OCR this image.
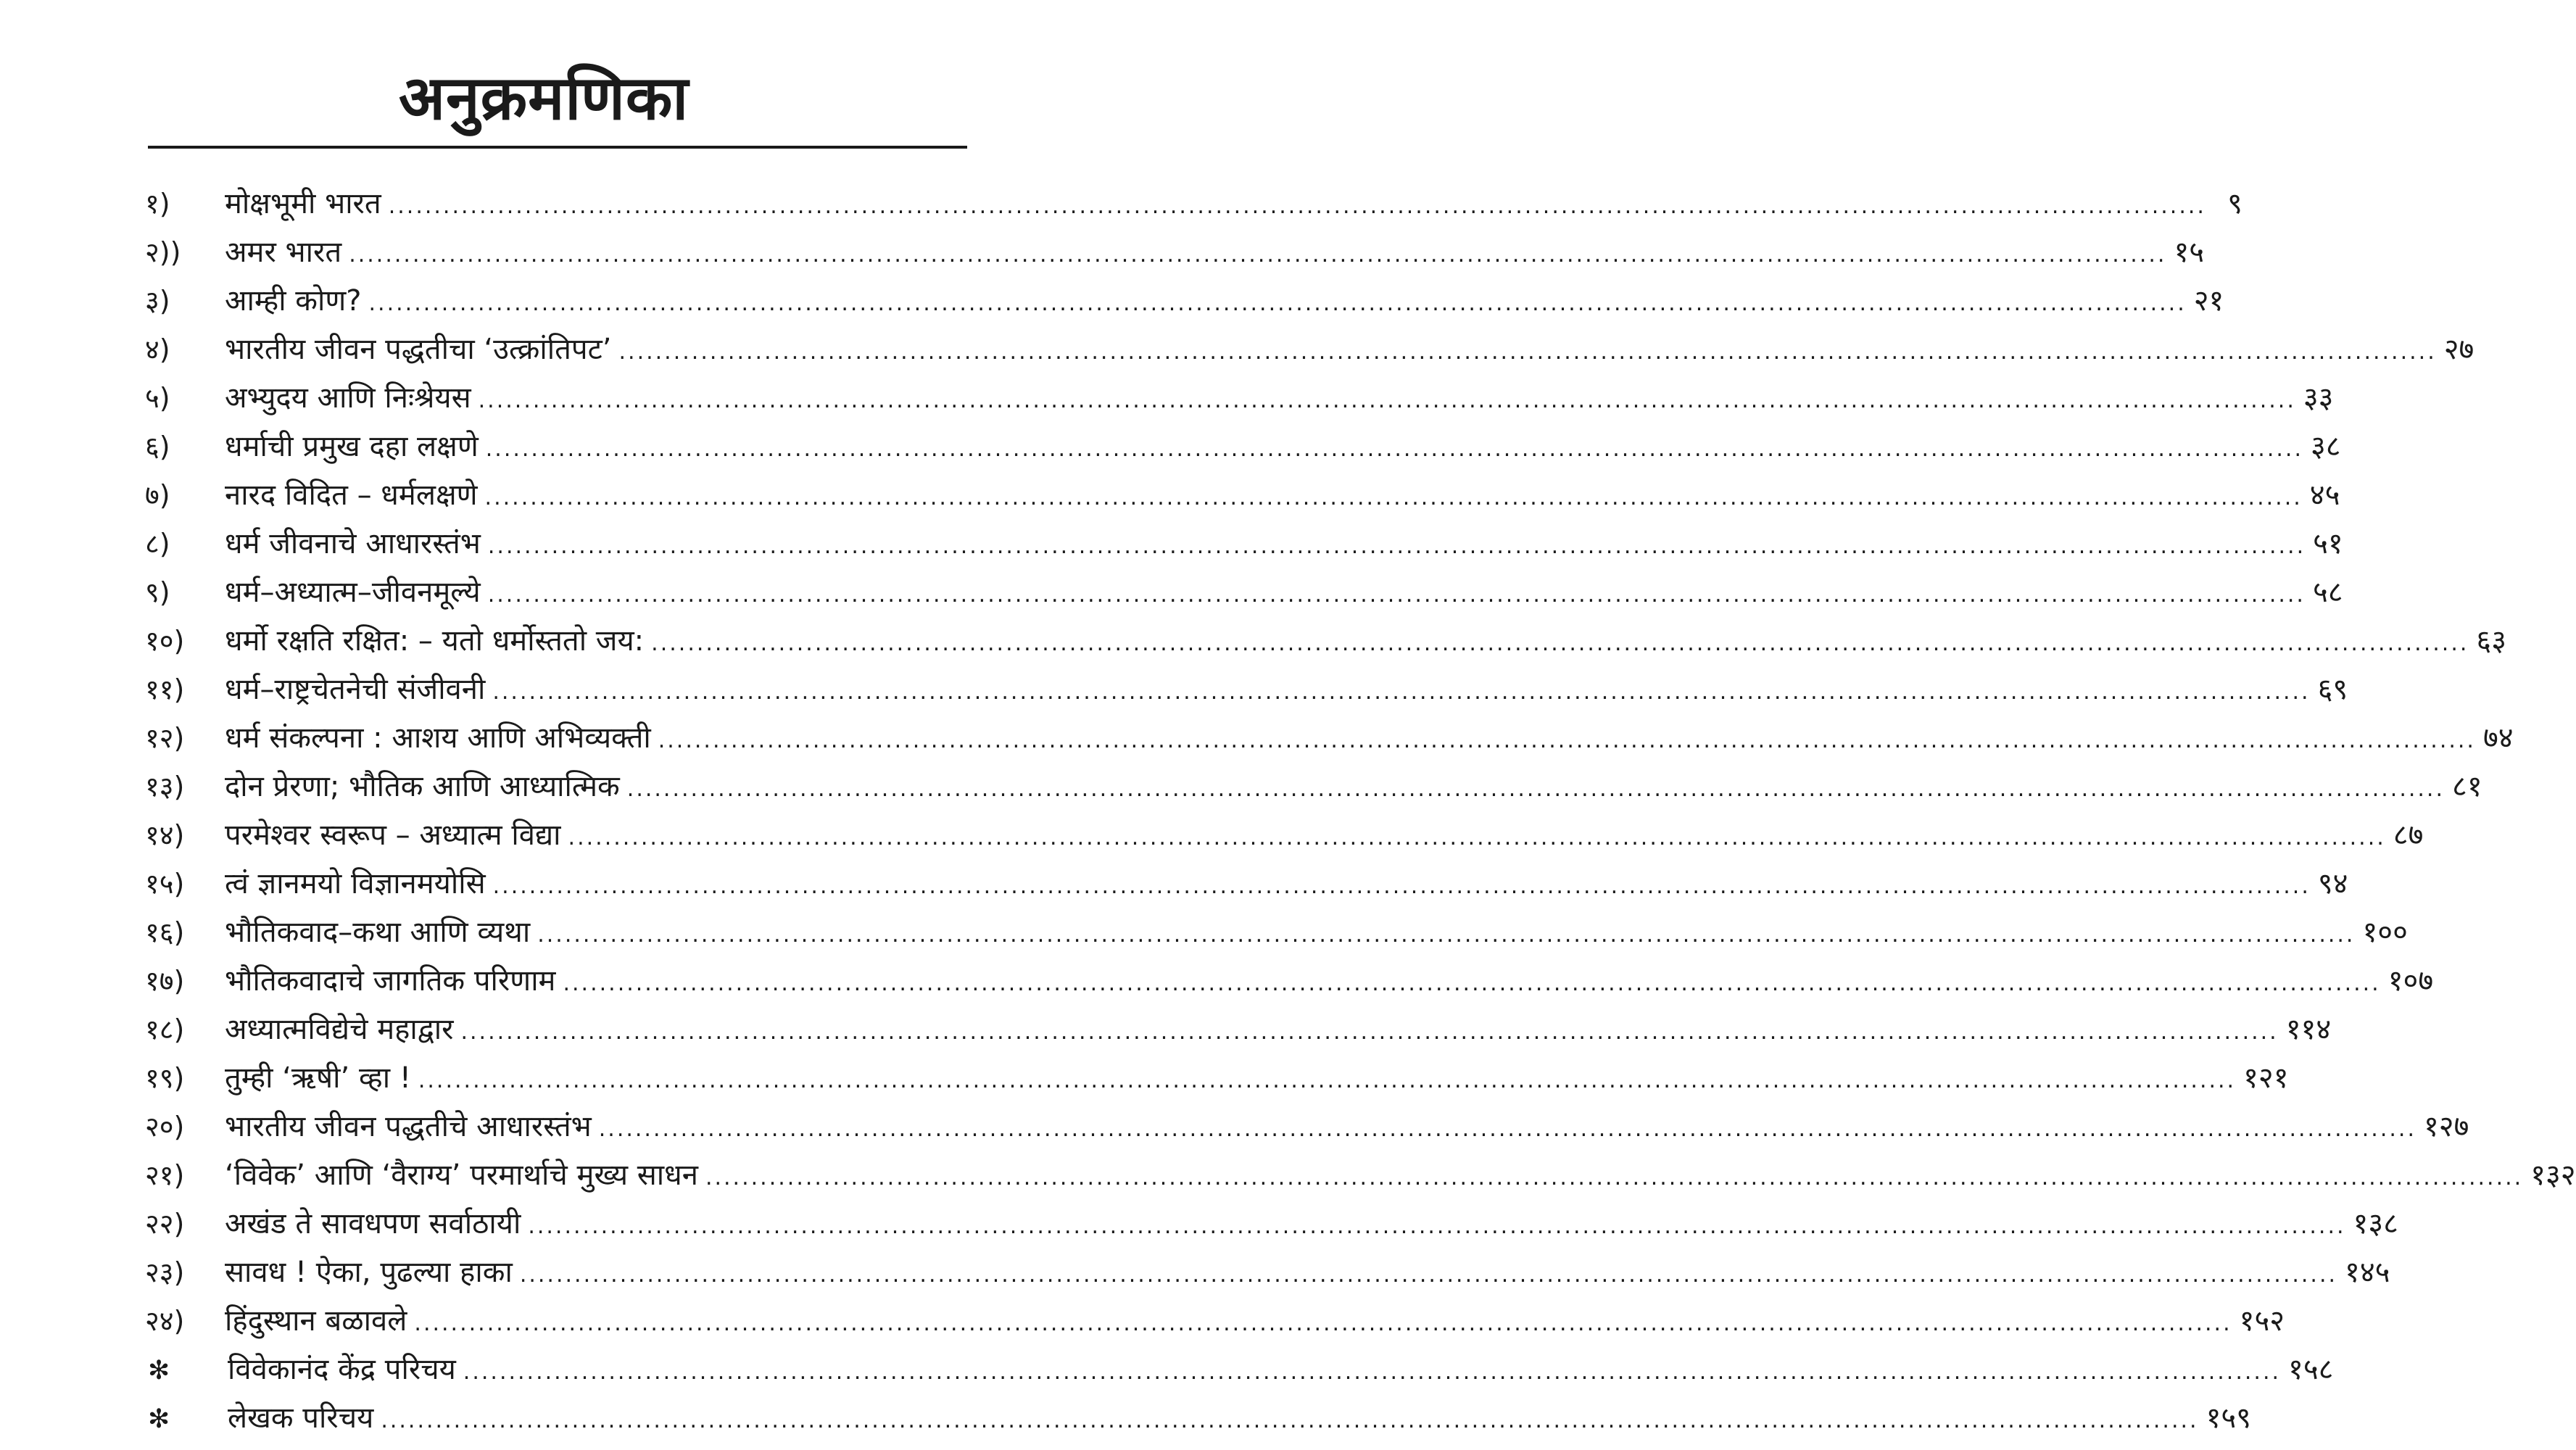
अनुक्रमणिका
१)	मोक्षभूमी भारत .....	९
२))	अमर भारत .....	१५
३)	आम्ही कोण? .....	२१
४)	भारतीय जीवन पद्धतीचा ‘उत्क्रांतिपट’ .....	२७
५)	अभ्युदय आणि निःश्रेयस .....	३३
६)	धर्माची प्रमुख दहा लक्षणे .....	३८
७)	नारद विदित – धर्मलक्षणे .....	४५
८)	धर्म जीवनाचे आधारस्तंभ .....	५१
९)	धर्म–अध्यात्म–जीवनमूल्ये .....	५८
१०)	धर्मो रक्षति रक्षित: – यतो धर्मोस्ततो जय: .....	६३
११)	धर्म–राष्ट्रचेतनेची संजीवनी .....	६९
१२)	धर्म संकल्पना : आशय आणि अभिव्यक्ती .....	७४
१३)	दोन प्रेरणा; भौतिक आणि आध्यात्मिक .....	८१
१४)	परमेश्वर स्वरूप – अध्यात्म विद्या .....	८७
१५)	त्वं ज्ञानमयो विज्ञानमयोसि .....	९४
१६)	भौतिकवाद–कथा आणि व्यथा .....	१००
१७)	भौतिकवादाचे जागतिक परिणाम .....	१०७
१८)	अध्यात्मविद्येचे महाद्वार .....	११४
१९)	तुम्ही ‘ऋषी’ व्हा ! .....	१२१
२०)	भारतीय जीवन पद्धतीचे आधारस्तंभ .....	१२७
२१)	‘विवेक’ आणि ‘वैराग्य’ परमार्थाचे मुख्य साधन .....	१३२
२२)	अखंड ते सावधपण सर्वाठायी .....	१३८
२३)	सावध ! ऐका, पुढल्या हाका .....	१४५
२४)	हिंदुस्थान बळावले .....	१५२
✻	विवेकानंद केंद्र परिचय .....	१५८
✻	लेखक परिचय .....	१५९
